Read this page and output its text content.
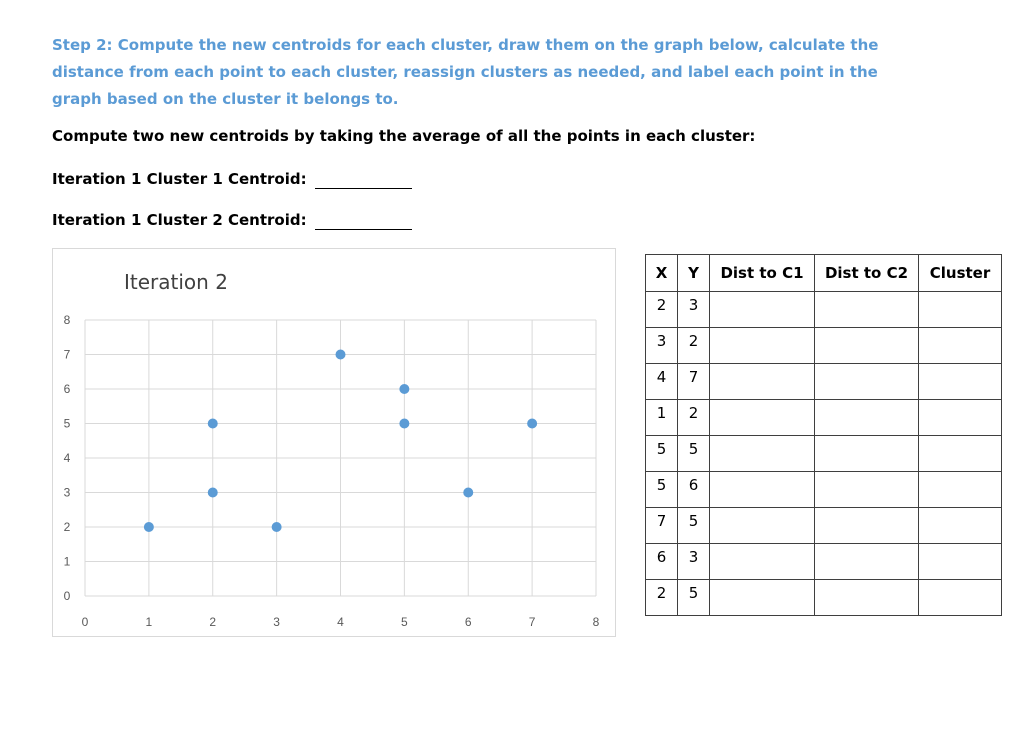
Step 2: Compute the new centroids for each cluster, draw them on the graph below, calculate the
distance from each point to each cluster, reassign clusters as needed, and label each point in the
graph based on the cluster it belongs to.
Compute two new centroids by taking the average of all the points in each cluster:
Iteration 1 Cluster 1 Centroid:
Iteration 1 Cluster 2 Centroid:
Iteration 2
0	1	2	3	4	5	6	7	8
0
1
2
3
4
5
6
7
8
X	Y	Dist to C1	Dist to C2	Cluster
2	3			
3	2			
4	7			
1	2			
5	5			
5	6			
7	5			
6	3			
2	5			
